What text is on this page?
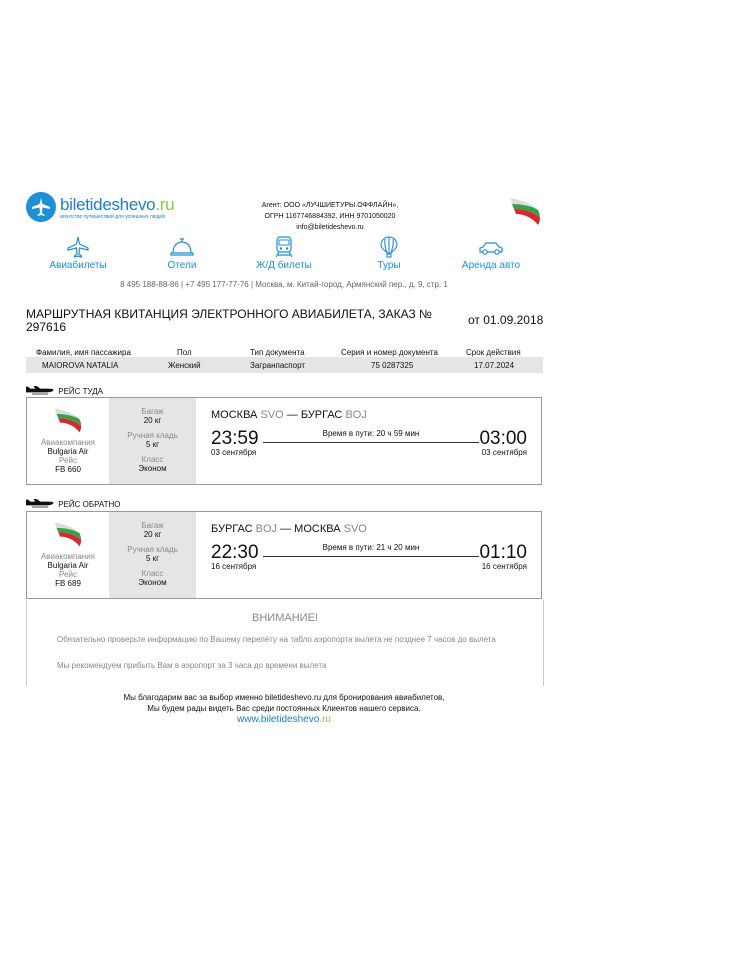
biletideshevo.ru
агентство путешествий для успешных людей
Агент: ООО «ЛУЧШИЕТУРЫ.ОФФЛАЙН»,
ОГРН 1167746884392, ИНН 9701050020
info@biletideshevo.ru
Авиабилеты	Отели	Ж/Д билеты	Туры	Аренда авто
8 495 188-88-86 | +7 495 177-77-76 | Москва, м. Китай-город, Армянский пер., д. 9, стр. 1
МАРШРУТНАЯ КВИТАНЦИЯ ЭЛЕКТРОННОГО АВИАБИЛЕТА, ЗАКАЗ № 297616	от 01.09.2018
Фамилия, имя пассажира	Пол	Тип документа	Серия и номер документа	Срок действия
MAIOROVA NATALIA	Женский	Загранпаспорт	75 0287325	17.07.2024
РЕЙС ТУДА
Авиакомпания
Bulgaria Air
Рейс
FB 660
Багаж
20 кг
Ручная кладь
5 кг
Класс
Эконом
МОСКВА SVO — БУРГАС BOJ
23:59	Время в пути: 20 ч 59 мин	03:00
03 сентября	03 сентября
РЕЙС ОБРАТНО
Авиакомпания
Bulgaria Air
Рейс
FB 689
Багаж
20 кг
Ручная кладь
5 кг
Класс
Эконом
БУРГАС BOJ — МОСКВА SVO
22:30	Время в пути: 21 ч 20 мин	01:10
16 сентября	16 сентября
ВНИМАНИЕ!
Обязательно проверьте информацию по Вашему перелёту на табло аэропорта вылета не позднее 7 часов до вылета
Мы рекомендуем прибыть Вам в аэропорт за 3 часа до времени вылета
Мы благодарим вас за выбор именно biletideshevo.ru для бронирования авиабилетов,
Мы будем рады видеть Вас среди постоянных Клиентов нашего сервиса.
www.biletideshevo.ru
